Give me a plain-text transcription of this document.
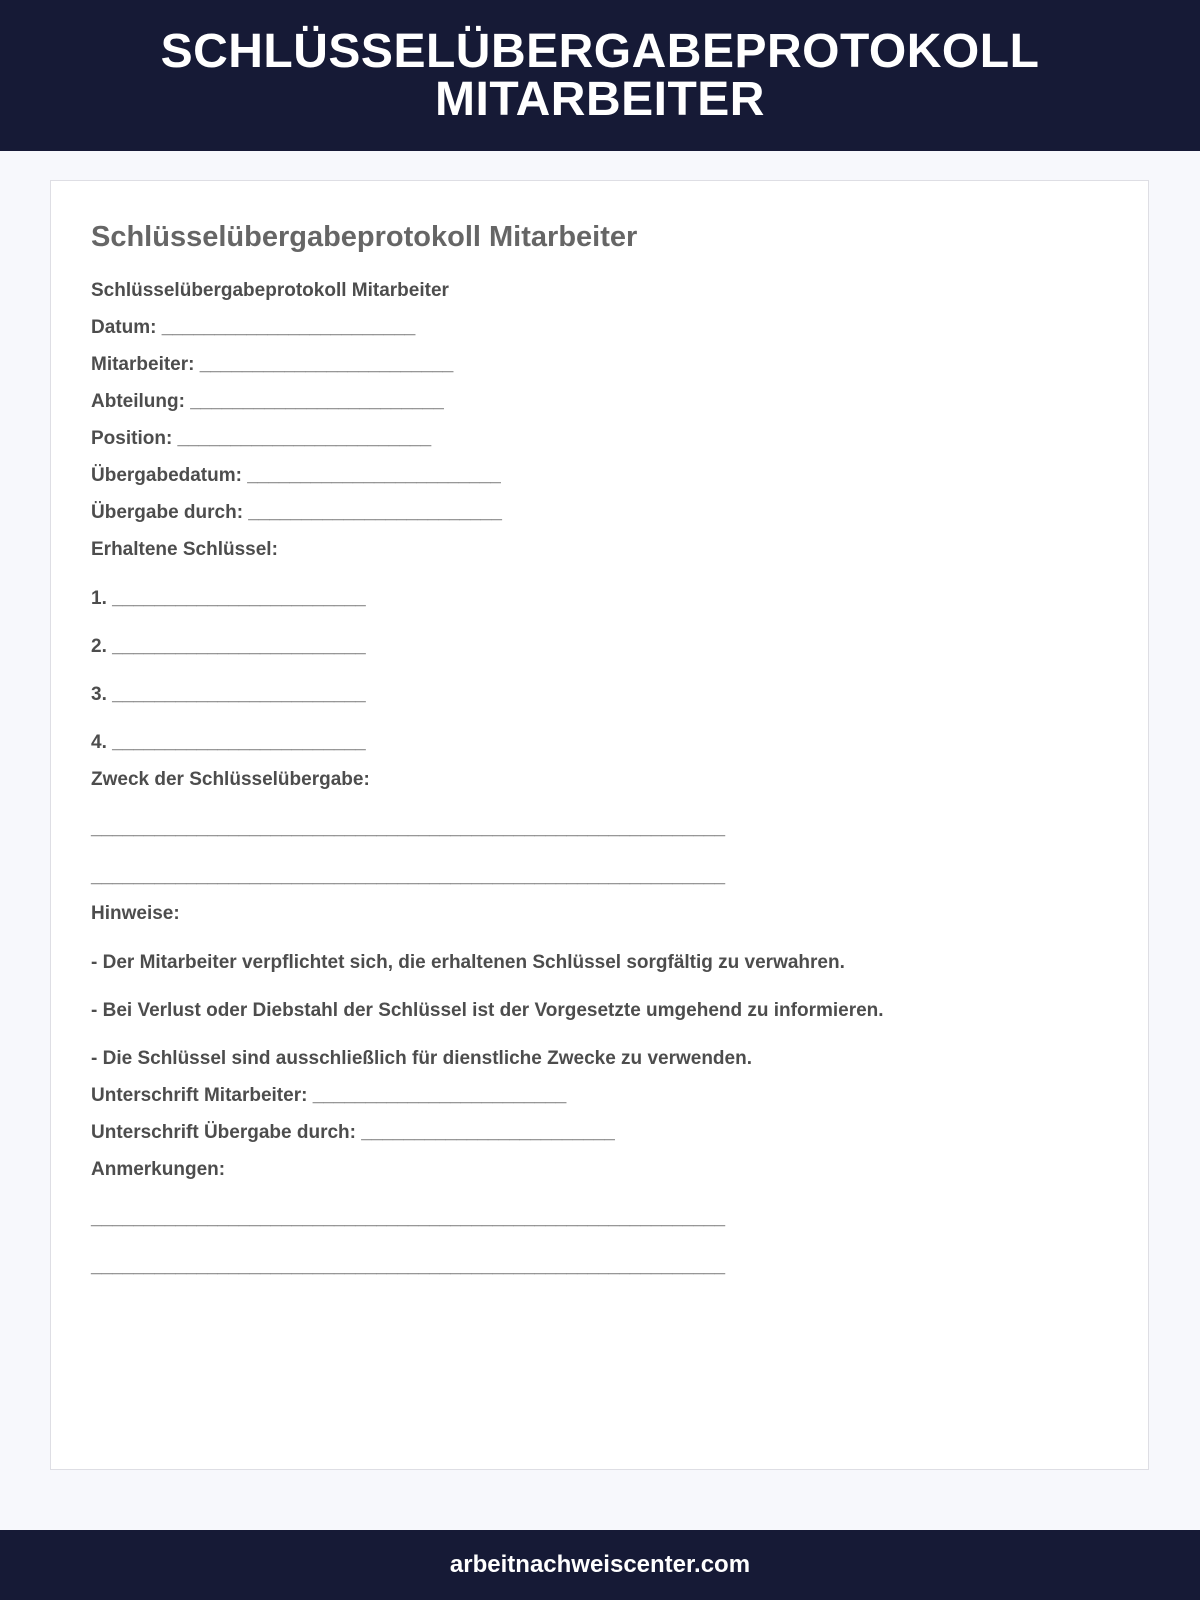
SCHLÜSSELÜBERGABEPROTOKOLL
MITARBEITER
Schlüsselübergabeprotokoll Mitarbeiter
Schlüsselübergabeprotokoll Mitarbeiter
Datum: ________________________
Mitarbeiter: ________________________
Abteilung: ________________________
Position: ________________________
Übergabedatum: ________________________
Übergabe durch: ________________________
Erhaltene Schlüssel:
1. ________________________
2. ________________________
3. ________________________
4. ________________________
Zweck der Schlüsselübergabe:
____________________________________________________________
____________________________________________________________
Hinweise:
- Der Mitarbeiter verpflichtet sich, die erhaltenen Schlüssel sorgfältig zu verwahren.
- Bei Verlust oder Diebstahl der Schlüssel ist der Vorgesetzte umgehend zu informieren.
- Die Schlüssel sind ausschließlich für dienstliche Zwecke zu verwenden.
Unterschrift Mitarbeiter: ________________________
Unterschrift Übergabe durch: ________________________
Anmerkungen:
____________________________________________________________
____________________________________________________________
arbeitnachweiscenter.com
